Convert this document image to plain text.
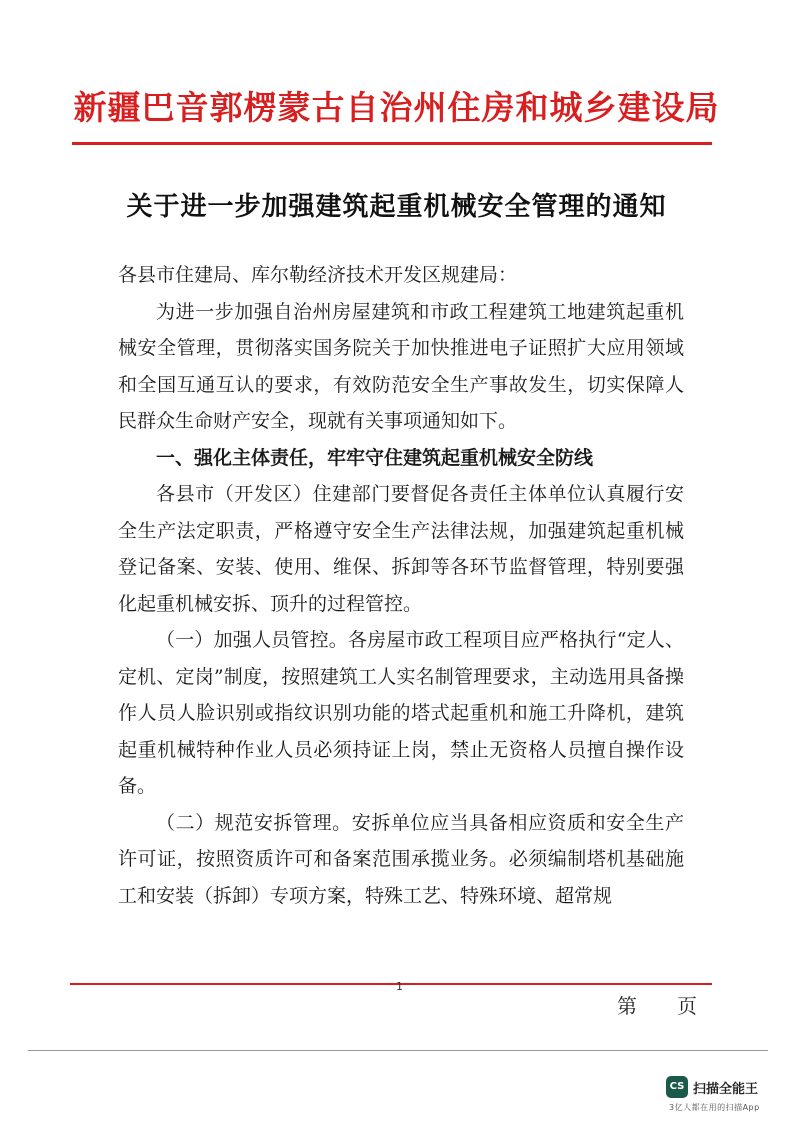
新疆巴音郭楞蒙古自治州住房和城乡建设局
关于进一步加强建筑起重机械安全管理的通知

各县市住建局、库尔勒经济技术开发区规建局：

为进一步加强自治州房屋建筑和市政工程建筑工地建筑起重机械安全管理，贯彻落实国务院关于加快推进电子证照扩大应用领域和全国互通互认的要求，有效防范安全生产事故发生，切实保障人民群众生命财产安全，现就有关事项通知如下。

一、强化主体责任，牢牢守住建筑起重机械安全防线

各县市（开发区）住建部门要督促各责任主体单位认真履行安全生产法定职责，严格遵守安全生产法律法规，加强建筑起重机械登记备案、安装、使用、维保、拆卸等各环节监督管理，特别要强化起重机械安拆、顶升的过程管控。

（一）加强人员管控。各房屋市政工程项目应严格执行“定人、定机、定岗”制度，按照建筑工人实名制管理要求，主动选用具备操作人员人脸识别或指纹识别功能的塔式起重机和施工升降机，建筑起重机械特种作业人员必须持证上岗，禁止无资格人员擅自操作设备。

（二）规范安拆管理。安拆单位应当具备相应资质和安全生产许可证，按照资质许可和备案范围承揽业务。必须编制塔机基础施工和安装（拆卸）专项方案，特殊工艺、特殊环境、超常规

1
第页
CS 扫描全能王
3亿人都在用的扫描App
